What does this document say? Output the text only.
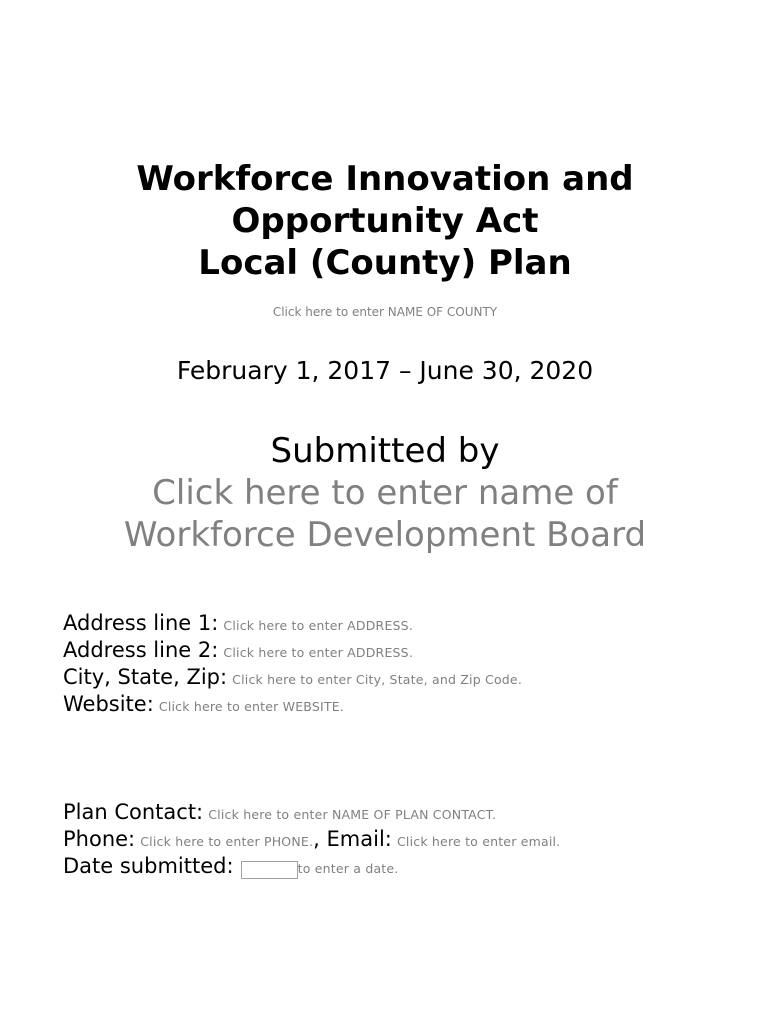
Workforce Innovation and
Opportunity Act
Local (County) Plan
Click here to enter NAME OF COUNTY
February 1, 2017 – June 30, 2020
Submitted by
Click here to enter name of
Workforce Development Board
Address line 1: Click here to enter ADDRESS.
Address line 2: Click here to enter ADDRESS.
City, State, Zip: Click here to enter City, State, and Zip Code.
Website: Click here to enter WEBSITE.
Plan Contact: Click here to enter NAME OF PLAN CONTACT.
Phone: Click here to enter PHONE., Email: Click here to enter email.
Date submitted:	to enter a date.
